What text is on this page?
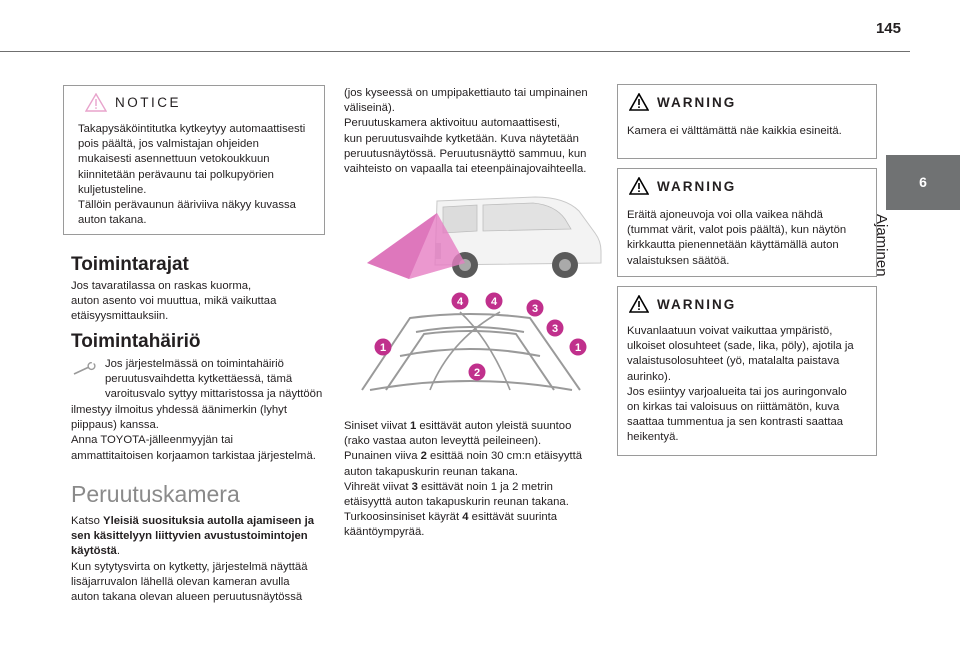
145
6
Ajaminen
NOTICE
Takapysäköintitutka kytkeytyy automaattisesti
pois päältä, jos valmistajan ohjeiden
mukaisesti asennettuun vetokoukkuun
kiinnitetään perävaunu tai polkupyörien
kuljetusteline.
Tällöin perävaunun ääriviiva näkyy kuvassa
auton takana.
Toimintarajat
Jos tavaratilassa on raskas kuorma,
auton asento voi muuttua, mikä vaikuttaa
etäisyysmittauksiin.
Toimintahäiriö
Jos järjestelmässä on toimintahäiriö
peruutusvaihdetta kytkettäessä, tämä
varoitusvalo syttyy mittaristossa ja näyttöön
ilmestyy ilmoitus yhdessä äänimerkin (lyhyt
piippaus) kanssa.
Anna TOYOTA-jälleenmyyjän tai
ammattitaitoisen korjaamon tarkistaa järjestelmä.
Peruutuskamera
Katso Yleisiä suosituksia autolla ajamiseen ja
sen käsittelyyn liittyvien avustustoimintojen
käytöstä.
Kun sytytysvirta on kytketty, järjestelmä näyttää
lisäjarruvalon lähellä olevan kameran avulla
auton takana olevan alueen peruutusnäytössä
(jos kyseessä on umpipakettiauto tai umpinainen
väliseinä).
Peruutuskamera aktivoituu automaattisesti,
kun peruutusvaihde kytketään. Kuva näytetään
peruutusnäytössä. Peruutusnäyttö sammuu, kun
vaihteisto on vapaalla tai eteenpäinajovaihteella.
1	1
2
3
3
4	4
Siniset viivat 1 esittävät auton yleistä suuntoo
(rako vastaa auton leveyttä peileineen).
Punainen viiva 2 esittää noin 30 cm:n etäisyyttä
auton takapuskurin reunan takana.
Vihreät viivat 3 esittävät noin 1 ja 2 metrin
etäisyyttä auton takapuskurin reunan takana.
Turkoosinsiniset käyrät 4 esittävät suurinta
kääntöympyrää.
WARNING
Kamera ei välttämättä näe kaikkia esineitä.
WARNING
Eräitä ajoneuvoja voi olla vaikea nähdä
(tummat värit, valot pois päältä), kun näytön
kirkkautta pienennetään käyttämällä auton
valaistuksen säätöä.
WARNING
Kuvanlaatuun voivat vaikuttaa ympäristö,
ulkoiset olosuhteet (sade, lika, pöly), ajotila ja
valaistusolosuhteet (yö, matalalta paistava
aurinko).
Jos esiintyy varjoalueita tai jos auringonvalo
on kirkas tai valoisuus on riittämätön, kuva
saattaa tummentua ja sen kontrasti saattaa
heikentyä.
